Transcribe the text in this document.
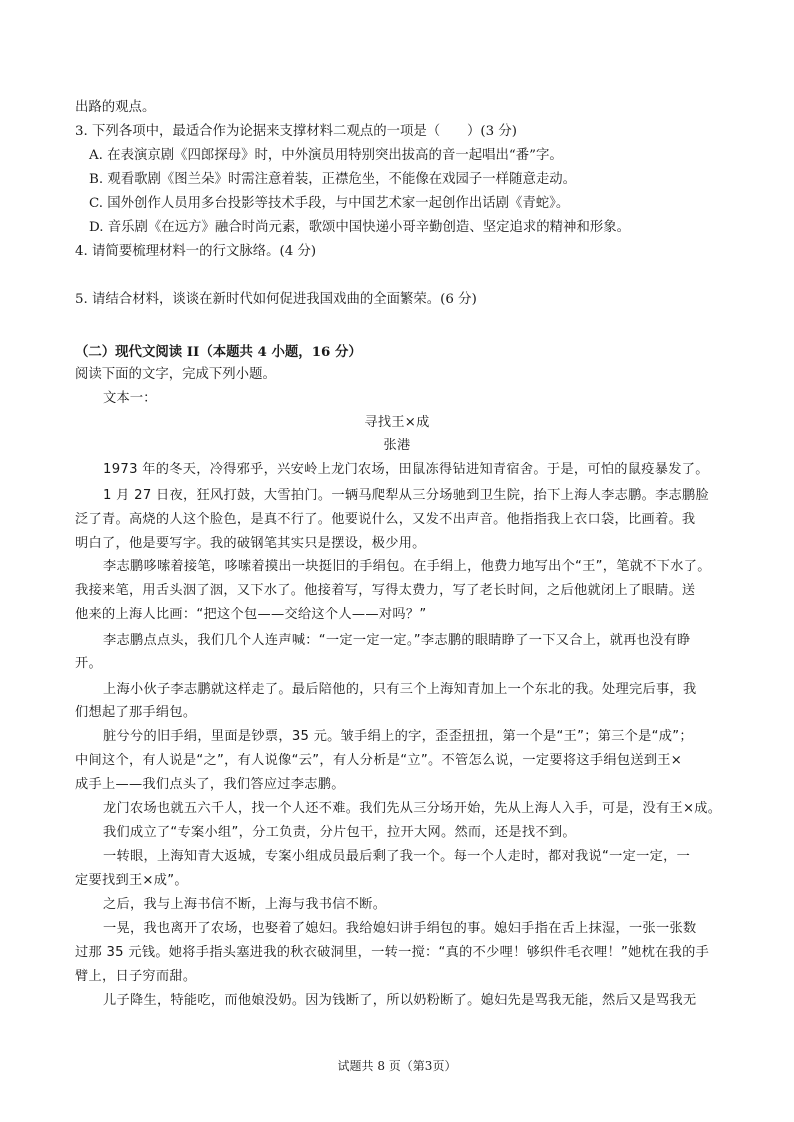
出路的观点。
3. 下列各项中，最适合作为论据来支撑材料二观点的一项是（　　）(3 分)
A. 在表演京剧《四郎探母》时，中外演员用特别突出拔高的音一起唱出“番”字。
B. 观看歌剧《图兰朵》时需注意着装，正襟危坐，不能像在戏园子一样随意走动。
C. 国外创作人员用多台投影等技术手段，与中国艺术家一起创作出话剧《青蛇》。
D. 音乐剧《在远方》融合时尚元素，歌颂中国快递小哥辛勤创造、坚定追求的精神和形象。
4. 请简要梳理材料一的行文脉络。(4 分)
5. 请结合材料，谈谈在新时代如何促进我国戏曲的全面繁荣。(6 分)
（二）现代文阅读 II（本题共 4 小题，16 分）
阅读下面的文字，完成下列小题。
文本一：
寻找王×成
张港
1973 年的冬天，冷得邪乎，兴安岭上龙门农场，田鼠冻得钻进知青宿舍。于是，可怕的鼠疫暴发了。
1 月 27 日夜，狂风打鼓，大雪拍门。一辆马爬犁从三分场驰到卫生院，抬下上海人李志鹏。李志鹏脸
泛了青。高烧的人这个脸色，是真不行了。他要说什么，又发不出声音。他指指我上衣口袋，比画着。我
明白了，他是要写字。我的破钢笔其实只是摆设，极少用。
李志鹏哆嗦着接笔，哆嗦着摸出一块挺旧的手绢包。在手绢上，他费力地写出个“王”，笔就不下水了。
我接来笔，用舌头洇了洇，又下水了。他接着写，写得太费力，写了老长时间，之后他就闭上了眼睛。送
他来的上海人比画：“把这个包——交给这个人——对吗？”
李志鹏点点头，我们几个人连声喊：“一定一定一定。”李志鹏的眼睛睁了一下又合上，就再也没有睁
开。
上海小伙子李志鹏就这样走了。最后陪他的，只有三个上海知青加上一个东北的我。处理完后事，我
们想起了那手绢包。
脏兮兮的旧手绢，里面是钞票，35 元。皱手绢上的字，歪歪扭扭，第一个是“王”；第三个是“成”；
中间这个，有人说是“之”，有人说像“云”，有人分析是“立”。不管怎么说，一定要将这手绢包送到王×
成手上——我们点头了，我们答应过李志鹏。
龙门农场也就五六千人，找一个人还不难。我们先从三分场开始，先从上海人入手，可是，没有王×成。
我们成立了“专案小组”，分工负责，分片包干，拉开大网。然而，还是找不到。
一转眼，上海知青大返城，专案小组成员最后剩了我一个。每一个人走时，都对我说“一定一定，一
定要找到王×成”。
之后，我与上海书信不断，上海与我书信不断。
一晃，我也离开了农场，也娶着了媳妇。我给媳妇讲手绢包的事。媳妇手指在舌上抹湿，一张一张数
过那 35 元钱。她将手指头塞进我的秋衣破洞里，一转一搅：“真的不少哩！够织件毛衣哩！”她枕在我的手
臂上，日子穷而甜。
儿子降生，特能吃，而他娘没奶。因为钱断了，所以奶粉断了。媳妇先是骂我无能，然后又是骂我无
试题共 8 页（第3页）
